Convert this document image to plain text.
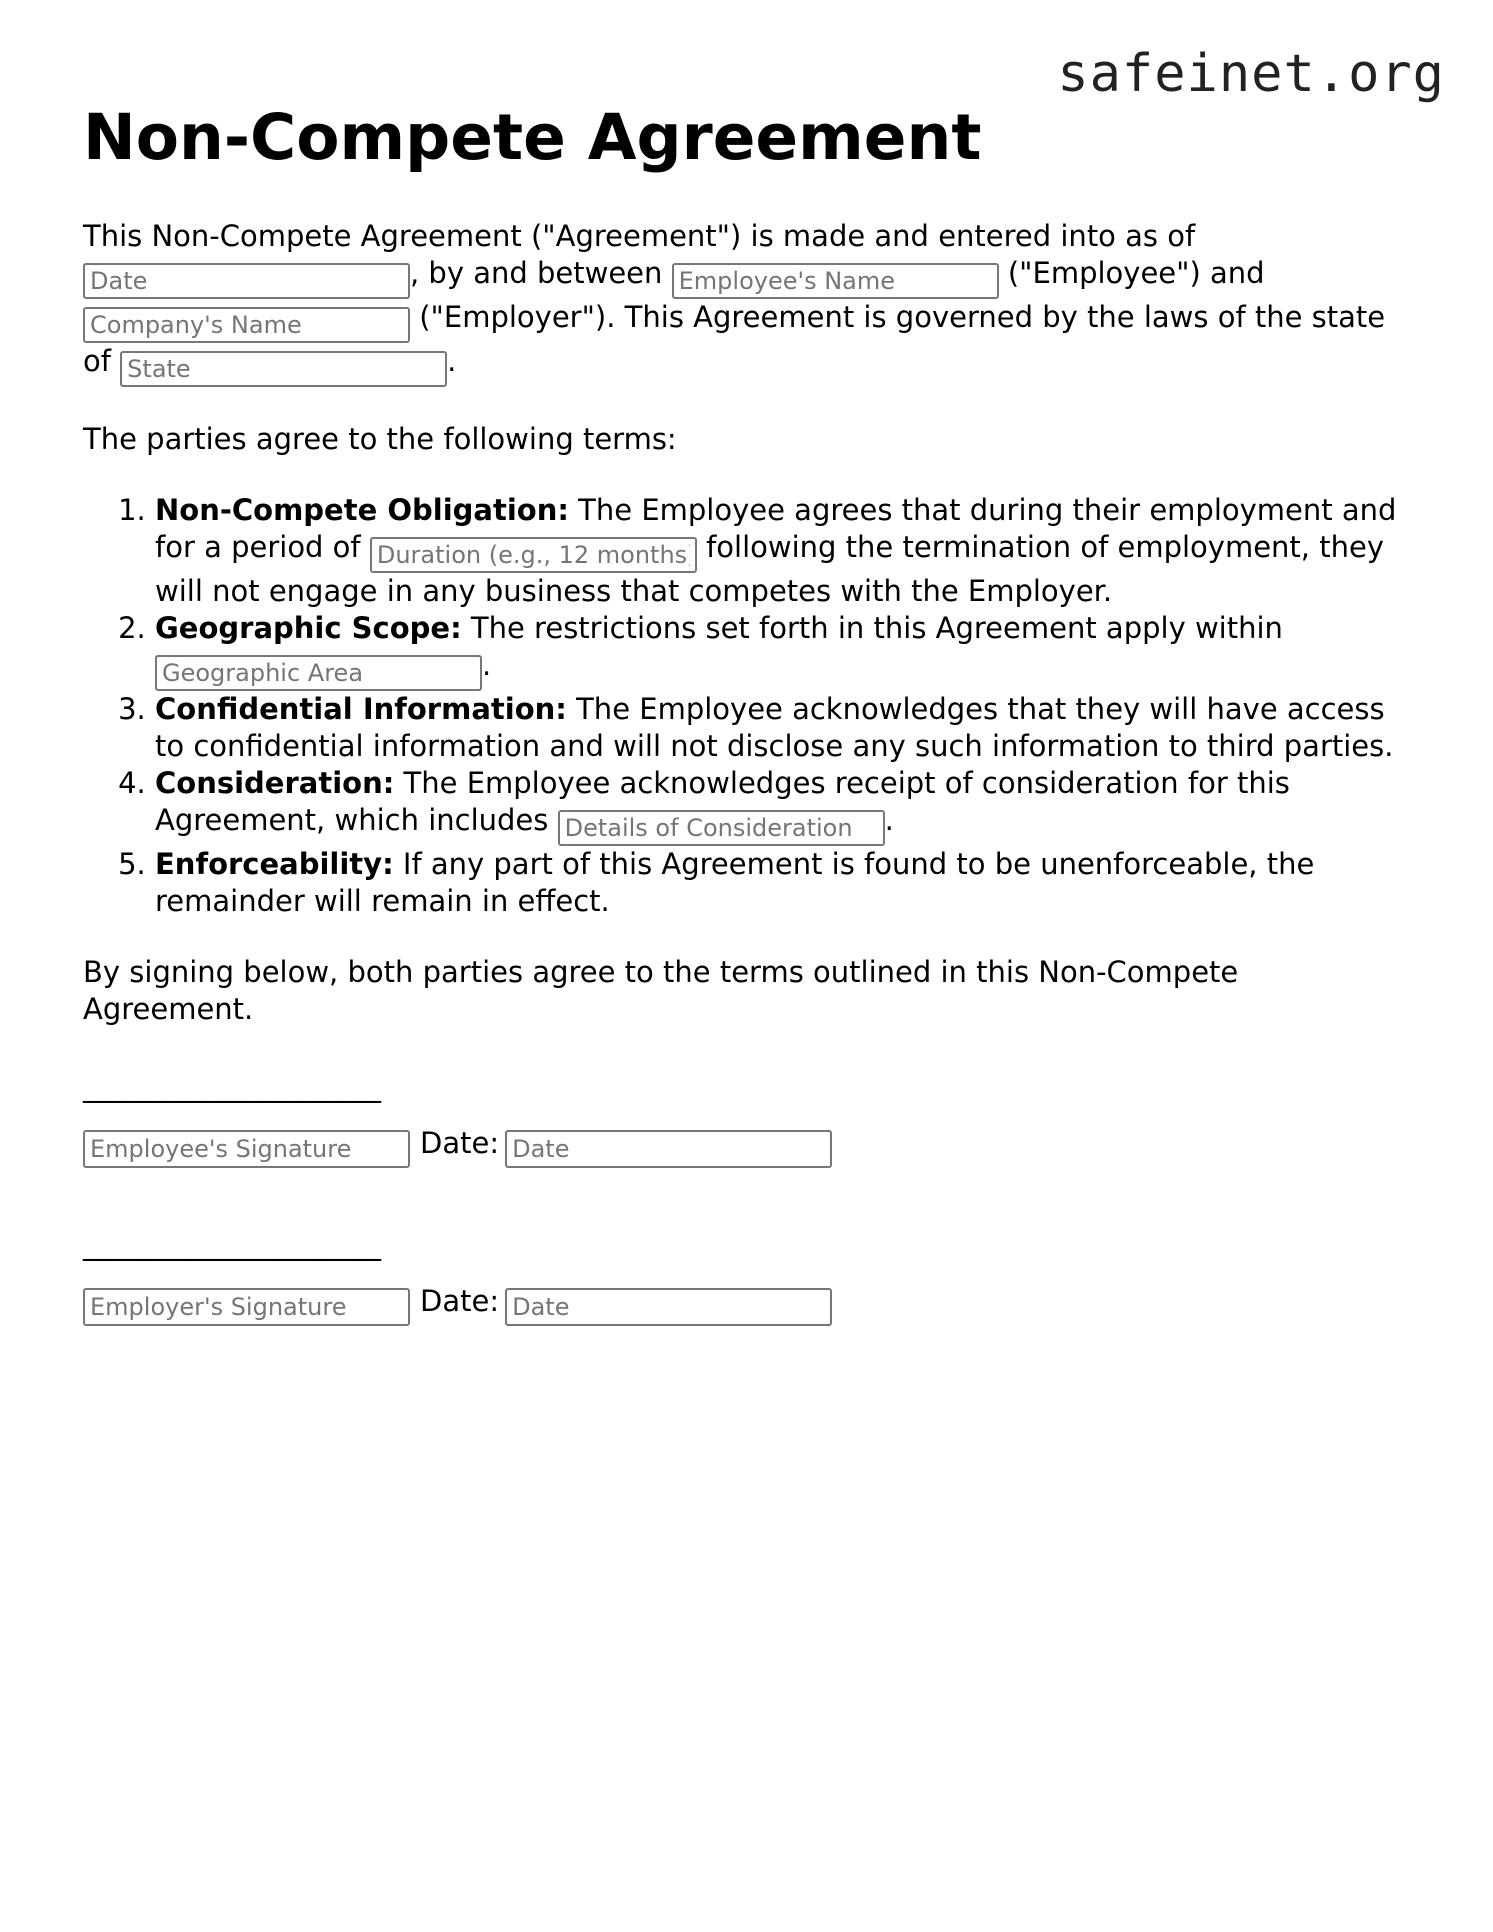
safeinet.org
Non-Compete Agreement

This Non-Compete Agreement ("Agreement") is made and entered into as of Date, by and between Employee's Name	("Employee") and Company's Name ("Employer"). This Agreement is governed by the laws of the state of State	.

The parties agree to the following terms:

1. Non-Compete Obligation: The Employee agrees that during their employment and for a period of Duration (e.g., 12 months)	following the termination of employment, they will not engage in any business that competes with the Employer.
2. Geographic Scope: The restrictions set forth in this Agreement apply within Geographic Area.
3. Confidential Information: The Employee acknowledges that they will have access to confidential information and will not disclose any such information to third parties.
4. Consideration: The Employee acknowledges receipt of consideration for this Agreement, which includes Details of Consideration	.
5. Enforceability: If any part of this Agreement is found to be unenforceable, the remainder will remain in effect.

By signing below, both parties agree to the terms outlined in this Non-Compete Agreement.

______________________
Employee's SignatureDate:Date
______________________
Employer's SignatureDate:Date
